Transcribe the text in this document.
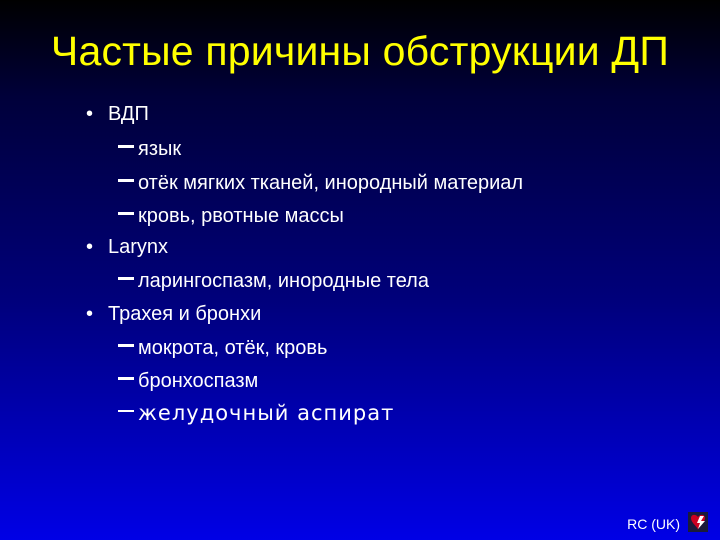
Частые причины обструкции ДП
• ВДП
язык
отёк мягких тканей, инородный материал
кровь, рвотные массы
• Larynx
ларингоспазм, инородные тела
• Трахея и бронхи
мокрота, отёк, кровь
бронхоспазм
желудочный аспират
RC (UK)
